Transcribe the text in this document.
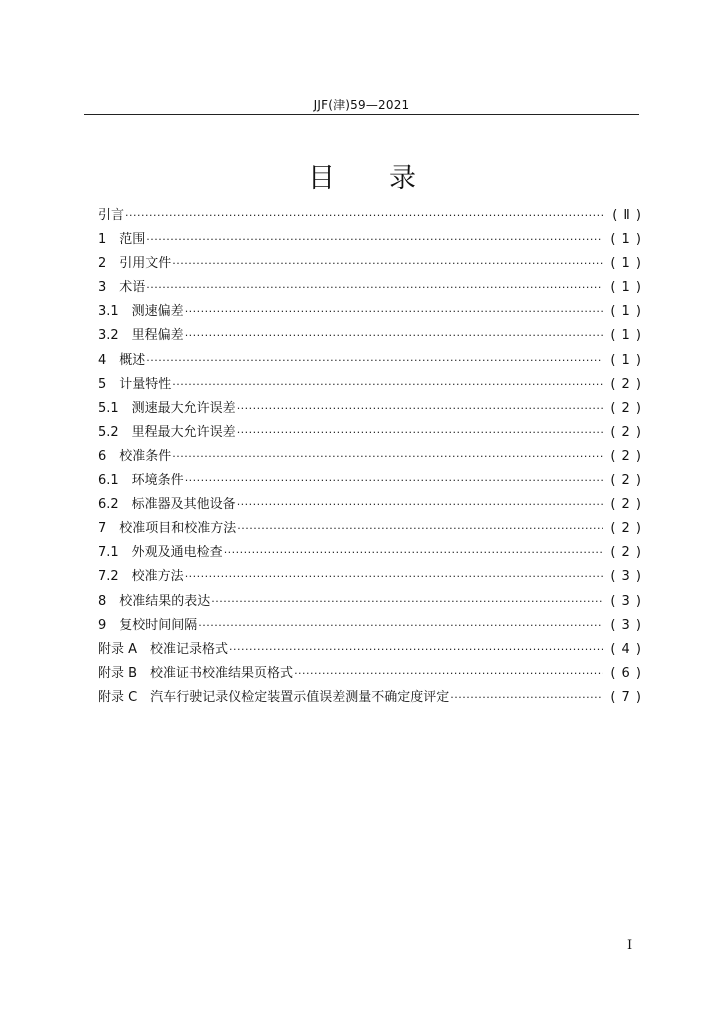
JJF(津)59—2021
目　　录
引言 ·····	( Ⅱ )
1　范围 ·····	( 1 )
2　引用文件 ·····	( 1 )
3　术语 ·····	( 1 )
3.1　测速偏差 ·····	( 1 )
3.2　里程偏差 ·····	( 1 )
4　概述 ·····	( 1 )
5　计量特性 ·····	( 2 )
5.1　测速最大允许误差 ·····	( 2 )
5.2　里程最大允许误差 ·····	( 2 )
6　校准条件 ·····	( 2 )
6.1　环境条件 ·····	( 2 )
6.2　标准器及其他设备 ·····	( 2 )
7　校准项目和校准方法 ·····	( 2 )
7.1　外观及通电检查 ·····	( 2 )
7.2　校准方法 ·····	( 3 )
8　校准结果的表达 ·····	( 3 )
9　复校时间间隔 ·····	( 3 )
附录 A　校准记录格式 ·····	( 4 )
附录 B　校准证书校准结果页格式 ·····	( 6 )
附录 C　汽车行驶记录仪检定装置示值误差测量不确定度评定 ·····	( 7 )
I
